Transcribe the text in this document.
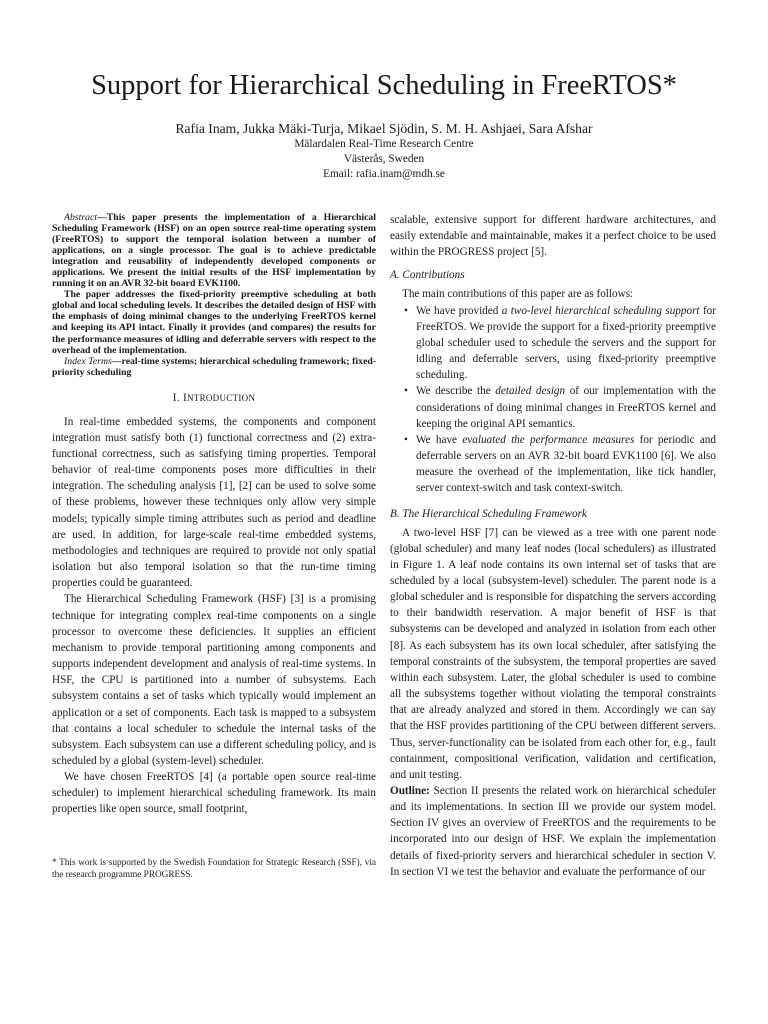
Support for Hierarchical Scheduling in FreeRTOS*
Rafia Inam, Jukka Mäki-Turja, Mikael Sjödin, S. M. H. Ashjaei, Sara Afshar
Mälardalen Real-Time Research Centre
Västerås, Sweden
Email: rafia.inam@mdh.se

Abstract—This paper presents the implementation of a Hierarchical Scheduling Framework (HSF) on an open source real-time operating system (FreeRTOS) to support the temporal isolation between a number of applications, on a single processor. The goal is to achieve predictable integration and reusability of independently developed components or applications. We present the initial results of the HSF implementation by running it on an AVR 32-bit board EVK1100.

The paper addresses the fixed-priority preemptive scheduling at both global and local scheduling levels. It describes the detailed design of HSF with the emphasis of doing minimal changes to the underlying FreeRTOS kernel and keeping its API intact. Finally it provides (and compares) the results for the performance measures of idling and deferrable servers with respect to the overhead of the implementation.

Index Terms—real-time systems; hierarchical scheduling framework; fixed-priority scheduling

I. INTRODUCTION

In real-time embedded systems, the components and component integration must satisfy both (1) functional correctness and (2) extra-functional correctness, such as satisfying timing properties. Temporal behavior of real-time components poses more difficulties in their integration. The scheduling analysis [1], [2] can be used to solve some of these problems, however these techniques only allow very simple models; typically simple timing attributes such as period and deadline are used. In addition, for large-scale real-time embedded systems, methodologies and techniques are required to provide not only spatial isolation but also temporal isolation so that the run-time timing properties could be guaranteed.

The Hierarchical Scheduling Framework (HSF) [3] is a promising technique for integrating complex real-time components on a single processor to overcome these deficiencies. It supplies an efficient mechanism to provide temporal partitioning among components and supports independent development and analysis of real-time systems. In HSF, the CPU is partitioned into a number of subsystems. Each subsystem contains a set of tasks which typically would implement an application or a set of components. Each task is mapped to a subsystem that contains a local scheduler to schedule the internal tasks of the subsystem. Each subsystem can use a different scheduling policy, and is scheduled by a global (system-level) scheduler.

We have chosen FreeRTOS [4] (a portable open source real-time scheduler) to implement hierarchical scheduling framework. Its main properties like open source, small footprint,

* This work is supported by the Swedish Foundation for Strategic Research (SSF), via the research programme PROGRESS.

scalable, extensive support for different hardware architectures, and easily extendable and maintainable, makes it a perfect choice to be used within the PROGRESS project [5].

A. Contributions

The main contributions of this paper are as follows:

• We have provided a two-level hierarchical scheduling support for FreeRTOS. We provide the support for a fixed-priority preemptive global scheduler used to schedule the servers and the support for idling and deferrable servers, using fixed-priority preemptive scheduling.
• We describe the detailed design of our implementation with the considerations of doing minimal changes in FreeRTOS kernel and keeping the original API semantics.
• We have evaluated the performance measures for periodic and deferrable servers on an AVR 32-bit board EVK1100 [6]. We also measure the overhead of the implementation, like tick handler, server context-switch and task context-switch.
B. The Hierarchical Scheduling Framework

A two-level HSF [7] can be viewed as a tree with one parent node (global scheduler) and many leaf nodes (local schedulers) as illustrated in Figure 1. A leaf node contains its own internal set of tasks that are scheduled by a local (subsystem-level) scheduler. The parent node is a global scheduler and is responsible for dispatching the servers according to their bandwidth reservation. A major benefit of HSF is that subsystems can be developed and analyzed in isolation from each other [8]. As each subsystem has its own local scheduler, after satisfying the temporal constraints of the subsystem, the temporal properties are saved within each subsystem. Later, the global scheduler is used to combine all the subsystems together without violating the temporal constraints that are already analyzed and stored in them. Accordingly we can say that the HSF provides partitioning of the CPU between different servers. Thus, server-functionality can be isolated from each other for, e.g., fault containment, compositional verification, validation and certification, and unit testing.

Outline: Section II presents the related work on hierarchical scheduler and its implementations. In section III we provide our system model. Section IV gives an overview of FreeRTOS and the requirements to be incorporated into our design of HSF. We explain the implementation details of fixed-priority servers and hierarchical scheduler in section V. In section VI we test the behavior and evaluate the performance of our
